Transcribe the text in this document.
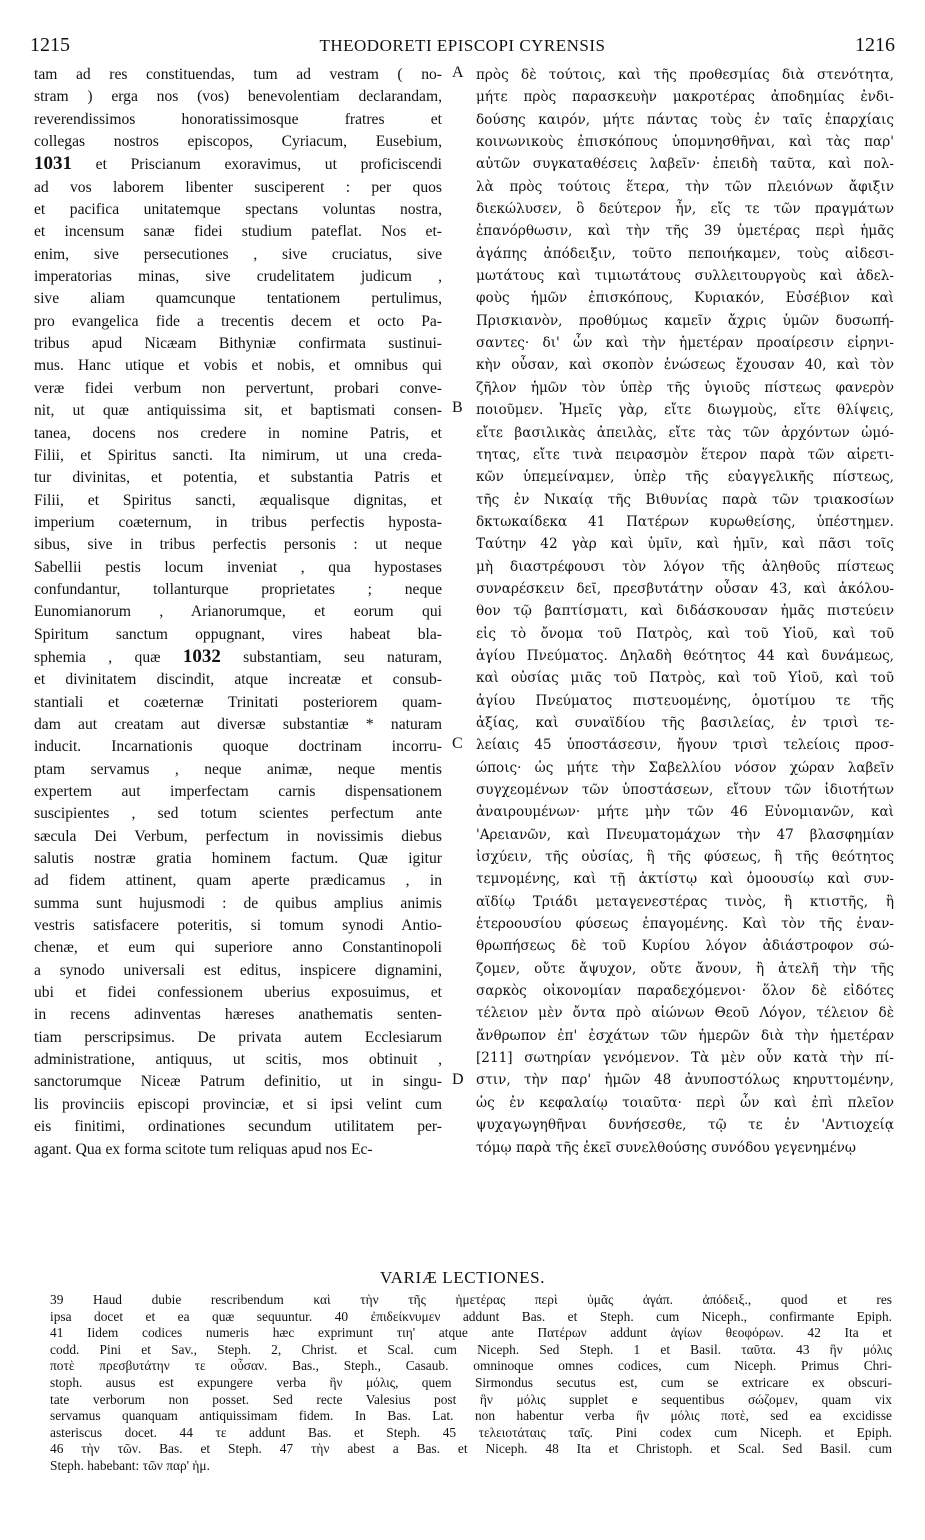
1215	THEODORETI EPISCOPI CYRENSIS	1216

tam ad res constituendas, tum ad vestram ( no-

stram ) erga nos (vos) benevolentiam declarandam,

reverendissimos honoratissimosque fratres et

collegas nostros episcopos, Cyriacum, Eusebium,

1031 et Priscianum exoravimus, ut proficiscendi

ad vos laborem libenter susciperent : per quos

et pacifica unitatemque spectans voluntas nostra,

et incensum sanæ fidei studium pateflat. Nos et-

enim, sive persecutiones , sive cruciatus, sive

imperatorias minas, sive crudelitatem judicum ,

sive aliam quamcunque tentationem pertulimus,

pro evangelica fide a trecentis decem et octo Pa-

tribus apud Nicæam Bithyniæ confirmata sustinui-

mus. Hanc utique et vobis et nobis, et omnibus qui

veræ fidei verbum non pervertunt, probari conve-

nit, ut quæ antiquissima sit, et baptismati consen-

tanea, docens nos credere in nomine Patris, et

Filii, et Spiritus sancti. Ita nimirum, ut una creda-

tur divinitas, et potentia, et substantia Patris et

Filii, et Spiritus sancti, æqualisque dignitas, et

imperium coæternum, in tribus perfectis hyposta-

sibus, sive in tribus perfectis personis : ut neque

Sabellii pestis locum inveniat , qua hypostases

confundantur, tollanturque proprietates ; neque

Eunomianorum , Arianorumque, et eorum qui

Spiritum sanctum oppugnant, vires habeat bla-

sphemia , quæ 1032 substantiam, seu naturam,

et divinitatem discindit, atque increatæ et consub-

stantiali et coæternæ Trinitati posteriorem quam-

dam aut creatam aut diversæ substantiæ * naturam

inducit. Incarnationis quoque doctrinam incorru-

ptam servamus , neque animæ, neque mentis

expertem aut imperfectam carnis dispensationem

suscipientes , sed totum scientes perfectum ante

sæcula Dei Verbum, perfectum in novissimis diebus

salutis nostræ gratia hominem factum. Quæ igitur

ad fidem attinent, quam aperte prædicamus , in

summa sunt hujusmodi : de quibus amplius animis

vestris satisfacere poteritis, si tomum synodi Antio-

chenæ, et eum qui superiore anno Constantinopoli

a synodo universali est editus, inspicere dignamini,

ubi et fidei confessionem uberius exposuimus, et

in recens adinventas hæreses anathematis senten-

tiam perscripsimus. De privata autem Ecclesiarum

administratione, antiquus, ut scitis, mos obtinuit ,

sanctorumque Niceæ Patrum definitio, ut in singu-

lis provinciis episcopi provinciæ, et si ipsi velint cum

eis finitimi, ordinationes secundum utilitatem per-

agant. Qua ex forma scitote tum reliquas apud nos Ec-

πρὸς δὲ τούτοις, καὶ τῆς προθεσμίας διὰ στενότητα,

μήτε πρὸς παρασκευὴν μακροτέρας ἀποδημίας ἐνδι-

δούσης καιρόν, μήτε πάντας τοὺς ἐν ταῖς ἐπαρχίαις

κοινωνικοὺς ἐπισκόπους ὑπομνησθῆναι, καὶ τὰς παρ'

αὐτῶν συγκαταθέσεις λαβεῖν· ἐπειδὴ ταῦτα, καὶ πολ-

λὰ πρὸς τούτοις ἕτερα, τὴν τῶν πλειόνων ἄφιξιν

διεκώλυσεν, ὃ δεύτερον ἦν, εἴς τε τῶν πραγμάτων

ἐπανόρθωσιν, καὶ τὴν τῆς 39 ὑμετέρας περὶ ἡμᾶς

ἀγάπης ἀπόδειξιν, τοῦτο πεποιήκαμεν, τοὺς αἰδεσι-

μωτάτους καὶ τιμιωτάτους συλλειτουργοὺς καὶ ἀδελ-

φοὺς ἡμῶν ἐπισκόπους, Κυριακόν, Εὐσέβιον καὶ

Πρισκιανὸν, προθύμως καμεῖν ἄχρις ὑμῶν δυσωπή-

σαντες· δι' ὧν καὶ τὴν ἡμετέραν προαίρεσιν εἰρηνι-

κὴν οὖσαν, καὶ σκοπὸν ἑνώσεως ἔχουσαν 40, καὶ τὸν

ζῆλον ἡμῶν τὸν ὑπὲρ τῆς ὑγιοῦς πίστεως φανερὸν

ποιοῦμεν. Ἡμεῖς γὰρ, εἴτε διωγμοὺς, εἴτε θλίψεις,

εἴτε βασιλικὰς ἀπειλὰς, εἴτε τὰς τῶν ἀρχόντων ὠμό-

τητας, εἴτε τινὰ πειρασμὸν ἕτερον παρὰ τῶν αἱρετι-

κῶν ὑπεμείναμεν, ὑπὲρ τῆς εὐαγγελικῆς πίστεως,

τῆς ἐν Νικαίᾳ τῆς Βιθυνίας παρὰ τῶν τριακοσίων

δκτωκαίδεκα 41 Πατέρων κυρωθείσης, ὑπέστημεν.

Ταύτην 42 γὰρ καὶ ὑμῖν, καὶ ἡμῖν, καὶ πᾶσι τοῖς

μὴ διαστρέφουσι τὸν λόγον τῆς ἀληθοῦς πίστεως

συναρέσκειν δεῖ, πρεσβυτάτην οὖσαν 43, καὶ ἀκόλου-

θον τῷ βαπτίσματι, καὶ διδάσκουσαν ἡμᾶς πιστεύειν

εἰς τὸ ὄνομα τοῦ Πατρὸς, καὶ τοῦ Υἱοῦ, καὶ τοῦ

ἁγίου Πνεύματος. Δηλαδὴ θεότητος 44 καὶ δυνάμεως,

καὶ οὐσίας μιᾶς τοῦ Πατρὸς, καὶ τοῦ Υἱοῦ, καὶ τοῦ

ἁγίου Πνεύματος πιστευομένης, ὁμοτίμου τε τῆς

ἀξίας, καὶ συναϊδίου τῆς βασιλείας, ἐν τρισὶ τε-

λείαις 45 ὑποστάσεσιν, ἤγουν τρισὶ τελείοις προσ-

ώποις· ὡς μήτε τὴν Σαβελλίου νόσον χώραν λαβεῖν

συγχεομένων τῶν ὑποστάσεων, εἴτουν τῶν ἰδιοτήτων

ἀναιρουμένων· μήτε μὴν τῶν 46 Εὐνομιανῶν, καὶ

'Αρειανῶν, καὶ Πνευματομάχων τὴν 47 βλασφημίαν

ἰσχύειν, τῆς οὐσίας, ἢ τῆς φύσεως, ἢ τῆς θεότητος

τεμνομένης, καὶ τῇ ἀκτίστῳ καὶ ὁμοουσίῳ καὶ συν-

αϊδίῳ Τριάδι μεταγενεστέρας τινὸς, ἢ κτιστῆς, ἢ

ἑτεροουσίου φύσεως ἐπαγομένης. Καὶ τὸν τῆς ἐναν-

θρωπήσεως δὲ τοῦ Κυρίου λόγον ἀδιάστροφον σώ-

ζομεν, οὔτε ἄψυχον, οὔτε ἄνουν, ἢ ἀτελῆ τὴν τῆς

σαρκὸς οἰκονομίαν παραδεχόμενοι· ὅλον δὲ εἰδότες

τέλειον μὲν ὄντα πρὸ αἰώνων Θεοῦ Λόγον, τέλειον δὲ

ἄνθρωπον ἐπ' ἐσχάτων τῶν ἡμερῶν διὰ τὴν ἡμετέραν

[211] σωτηρίαν γενόμενον. Τὰ μὲν οὖν κατὰ τὴν πί-

στιν, τὴν παρ' ἡμῶν 48 ἀνυποστόλως κηρυττομένην,

ὡς ἐν κεφαλαίῳ τοιαῦτα· περὶ ὧν καὶ ἐπὶ πλεῖον

ψυχαγωγηθῆναι δυνήσεσθε, τῷ τε ἐν 'Αντιοχείᾳ

τόμῳ παρὰ τῆς ἐκεῖ συνελθούσης συνόδου γεγενημένῳ

A
B
C
D
VARIÆ LECTIONES.

39 Haud dubie rescribendum καὶ τὴν τῆς ἡμετέρας περὶ ὑμᾶς ἀγάπ. ἀπόδειξ., quod et res

ipsa docet et ea quæ sequuntur. 40 ἐπιδείκνυμεν addunt Bas. et Steph. cum Niceph., confirmante Epiph.

41 Iidem codices numeris hæc exprimunt τιη' atque ante Πατέρων addunt ἁγίων θεοφόρων. 42 Ita et

codd. Pini et Sav., Steph. 2, Christ. et Scal. cum Niceph. Sed Steph. 1 et Basil. ταῦτα. 43 ἣν μόλις

ποτὲ πρεσβυτάτην τε οὖσαν. Bas., Steph., Casaub. omninoque omnes codices, cum Niceph. Primus Chri-

stoph. ausus est expungere verba ἣν μόλις, quem Sirmondus secutus est, cum se extricare ex obscuri-

tate verborum non posset. Sed recte Valesius post ἣν μόλις supplet e sequentibus σώζομεν, quam vix

servamus quanquam antiquissimam fidem. In Bas. Lat. non habentur verba ἣν μόλις ποτὲ, sed ea excidisse

asteriscus docet. 44 τε addunt Bas. et Steph. 45 τελειοτάταις ταῖς. Pini codex cum Niceph. et Epiph.

46 τὴν τῶν. Bas. et Steph. 47 τὴν abest a Bas. et Niceph. 48 Ita et Christoph. et Scal. Sed Basil. cum

Steph. habebant: τῶν παρ' ἡμ.
